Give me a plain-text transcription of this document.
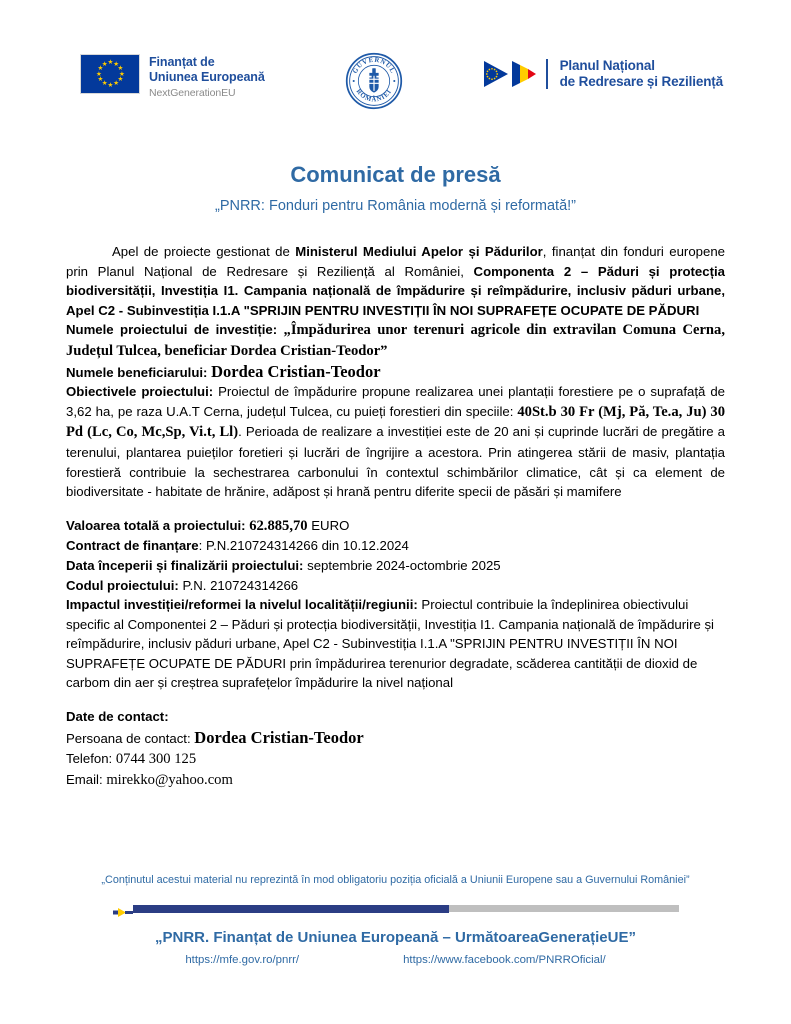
★ ★
★
★
★
★
★
★
★
★
★
★	Finanțat de
Uniunea Europeană
NextGenerationEU
GUVERNUL
ROMÂNIEI
Planul Național
de Redresare și Reziliență
Comunicat de presă
„PNRR: Fonduri pentru România modernă și reformată!”

Apel de proiecte gestionat de Ministerul Mediului Apelor și Pădurilor, finanțat din fonduri europene prin Planul Național de Redresare și Reziliență al României, Componenta 2 – Păduri și protecția biodiversității, Investiția I1. Campania națională de împădurire și reîmpădurire, inclusiv păduri urbane, Apel C2 - Subinvestiția I.1.A "SPRIJIN PENTRU INVESTIȚII ÎN NOI SUPRAFEȚE OCUPATE DE PĂDURI

Numele proiectului de investiție: „Împădurirea unor terenuri agricole din extravilan Comuna Cerna, Județul Tulcea, beneficiar Dordea Cristian-Teodor”

Numele beneficiarului: Dordea Cristian-Teodor

Obiectivele proiectului: Proiectul de împădurire propune realizarea unei plantații forestiere pe o suprafață de 3,62 ha, pe raza U.A.T Cerna, județul Tulcea, cu puieți forestieri din speciile: 40St.b 30 Fr (Mj, Pă, Te.a, Ju) 30 Pd (Lc, Co, Mc,Sp, Vi.t, Ll). Perioada de realizare a investiției este de 20 ani și cuprinde lucrări de pregătire a terenului, plantarea puieților foretieri și lucrări de îngrijire a acestora. Prin atingerea stării de masiv, plantația forestieră contribuie la sechestrarea carbonului în contextul schimbărilor climatice, cât și ca element de biodiversitate - habitate de hrănire, adăpost și hrană pentru diferite specii de păsări și mamifere

Valoarea totală a proiectului: 62.885,70 EURO
Contract de finanțare: P.N.210724314266 din 10.12.2024
Data începerii și finalizării proiectului: septembrie 2024-octombrie 2025
Codul proiectului: P.N. 210724314266

Impactul investiției/reformei la nivelul localității/regiunii: Proiectul contribuie la îndeplinirea obiectivului specific al Componentei 2 – Păduri și protecția biodiversității, Investiția I1. Campania națională de împădurire și reîmpădurire, inclusiv păduri urbane, Apel C2 - Subinvestiția I.1.A "SPRIJIN PENTRU INVESTIȚII ÎN NOI SUPRAFEȚE OCUPATE DE PĂDURI prin împădurirea terenurior degradate, scăderea cantității de dioxid de carbom din aer și creștrea suprafețelor împădurire la nivel național

Date de contact:
Persoana de contact: Dordea Cristian-Teodor
Telefon: 0744 300 125
Email: mirekko@yahoo.com
„Conținutul acestui material nu reprezintă în mod obligatoriu poziția oficială a Uniunii Europene sau a Guvernului României”
„PNRR. Finanțat de Uniunea Europeană – UrmătoareaGenerațieUE”
https://mfe.gov.ro/pnrr/	https://www.facebook.com/PNRROficial/
